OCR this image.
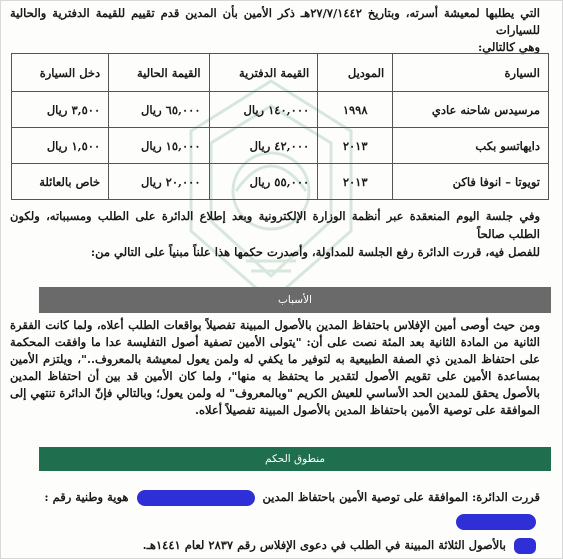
التي يطلبها لمعيشة أسرته، وبتاريخ ٢٧/٧/١٤٤٢هـ ذكر الأمين بأن المدين قدم تقييم للقيمة الدفترية والحالية للسيارات
وهي كالتالي:
السيارة	الموديل	القيمة الدفترية	القيمة الحالية	دخل السيارة
مرسيدس شاحنه عادي	١٩٩٨	١٤٠,٠٠٠ ريال	٦٥,٠٠٠ ريال	٣,٥٠٠ ريال
دايهاتسو بكب	٢٠١٣	٤٢,٠٠٠ ريال	١٥,٠٠٠ ريال	١,٥٠٠ ريال
تويوتا – انوفا فاكن	٢٠١٣	٥٥,٠٠٠ ريال	٢٠,٠٠٠ ريال	خاص بالعائلة
وفي جلسة اليوم المنعقدة عبر أنظمة الوزارة الإلكترونية وبعد إطلاع الدائرة على الطلب ومسبباته، ولكون الطلب صالحاً
للفصل فيه، قررت الدائرة رفع الجلسة للمداولة، وأصدرت حكمها هذا علناً مبنياً على التالي من:
الأسباب
ومن حيث أوصى أمين الإفلاس باحتفاظ المدين بالأصول المبينة تفصيلاً بواقعات الطلب أعلاه، ولما كانت الفقرة الثانية من المادة الثانية بعد المئة نصت على أن: "يتولى الأمين تصفية أصول التفليسة عدا ما وافقت المحكمة على احتفاظ المدين ذي الصفة الطبيعية به لتوفير ما يكفي له ولمن يعول لمعيشة بالمعروف.."، ويلتزم الأمين بمساعدة الأمين على تقويم الأصول لتقدير ما يحتفظ به منها"، ولما كان الأمين قد بين أن احتفاظ المدين بالأصول يحقق للمدين الحد الأساسي للعيش الكريم "وبالمعروف" له ولمن يعول؛ وبالتالي فإنّ الدائرة تنتهي إلى الموافقة على توصية الأمين باحتفاظ المدين بالأصول المبينة تفصيلاً أعلاه.
منطوق الحكم
قررت الدائرة: الموافقة على توصية الأمين باحتفاظ المدين  هوية وطنية رقم :
بالأصول الثلاثة المبينة في الطلب في دعوى الإفلاس رقم ٢٨٣٧ لعام ١٤٤١هـ.
